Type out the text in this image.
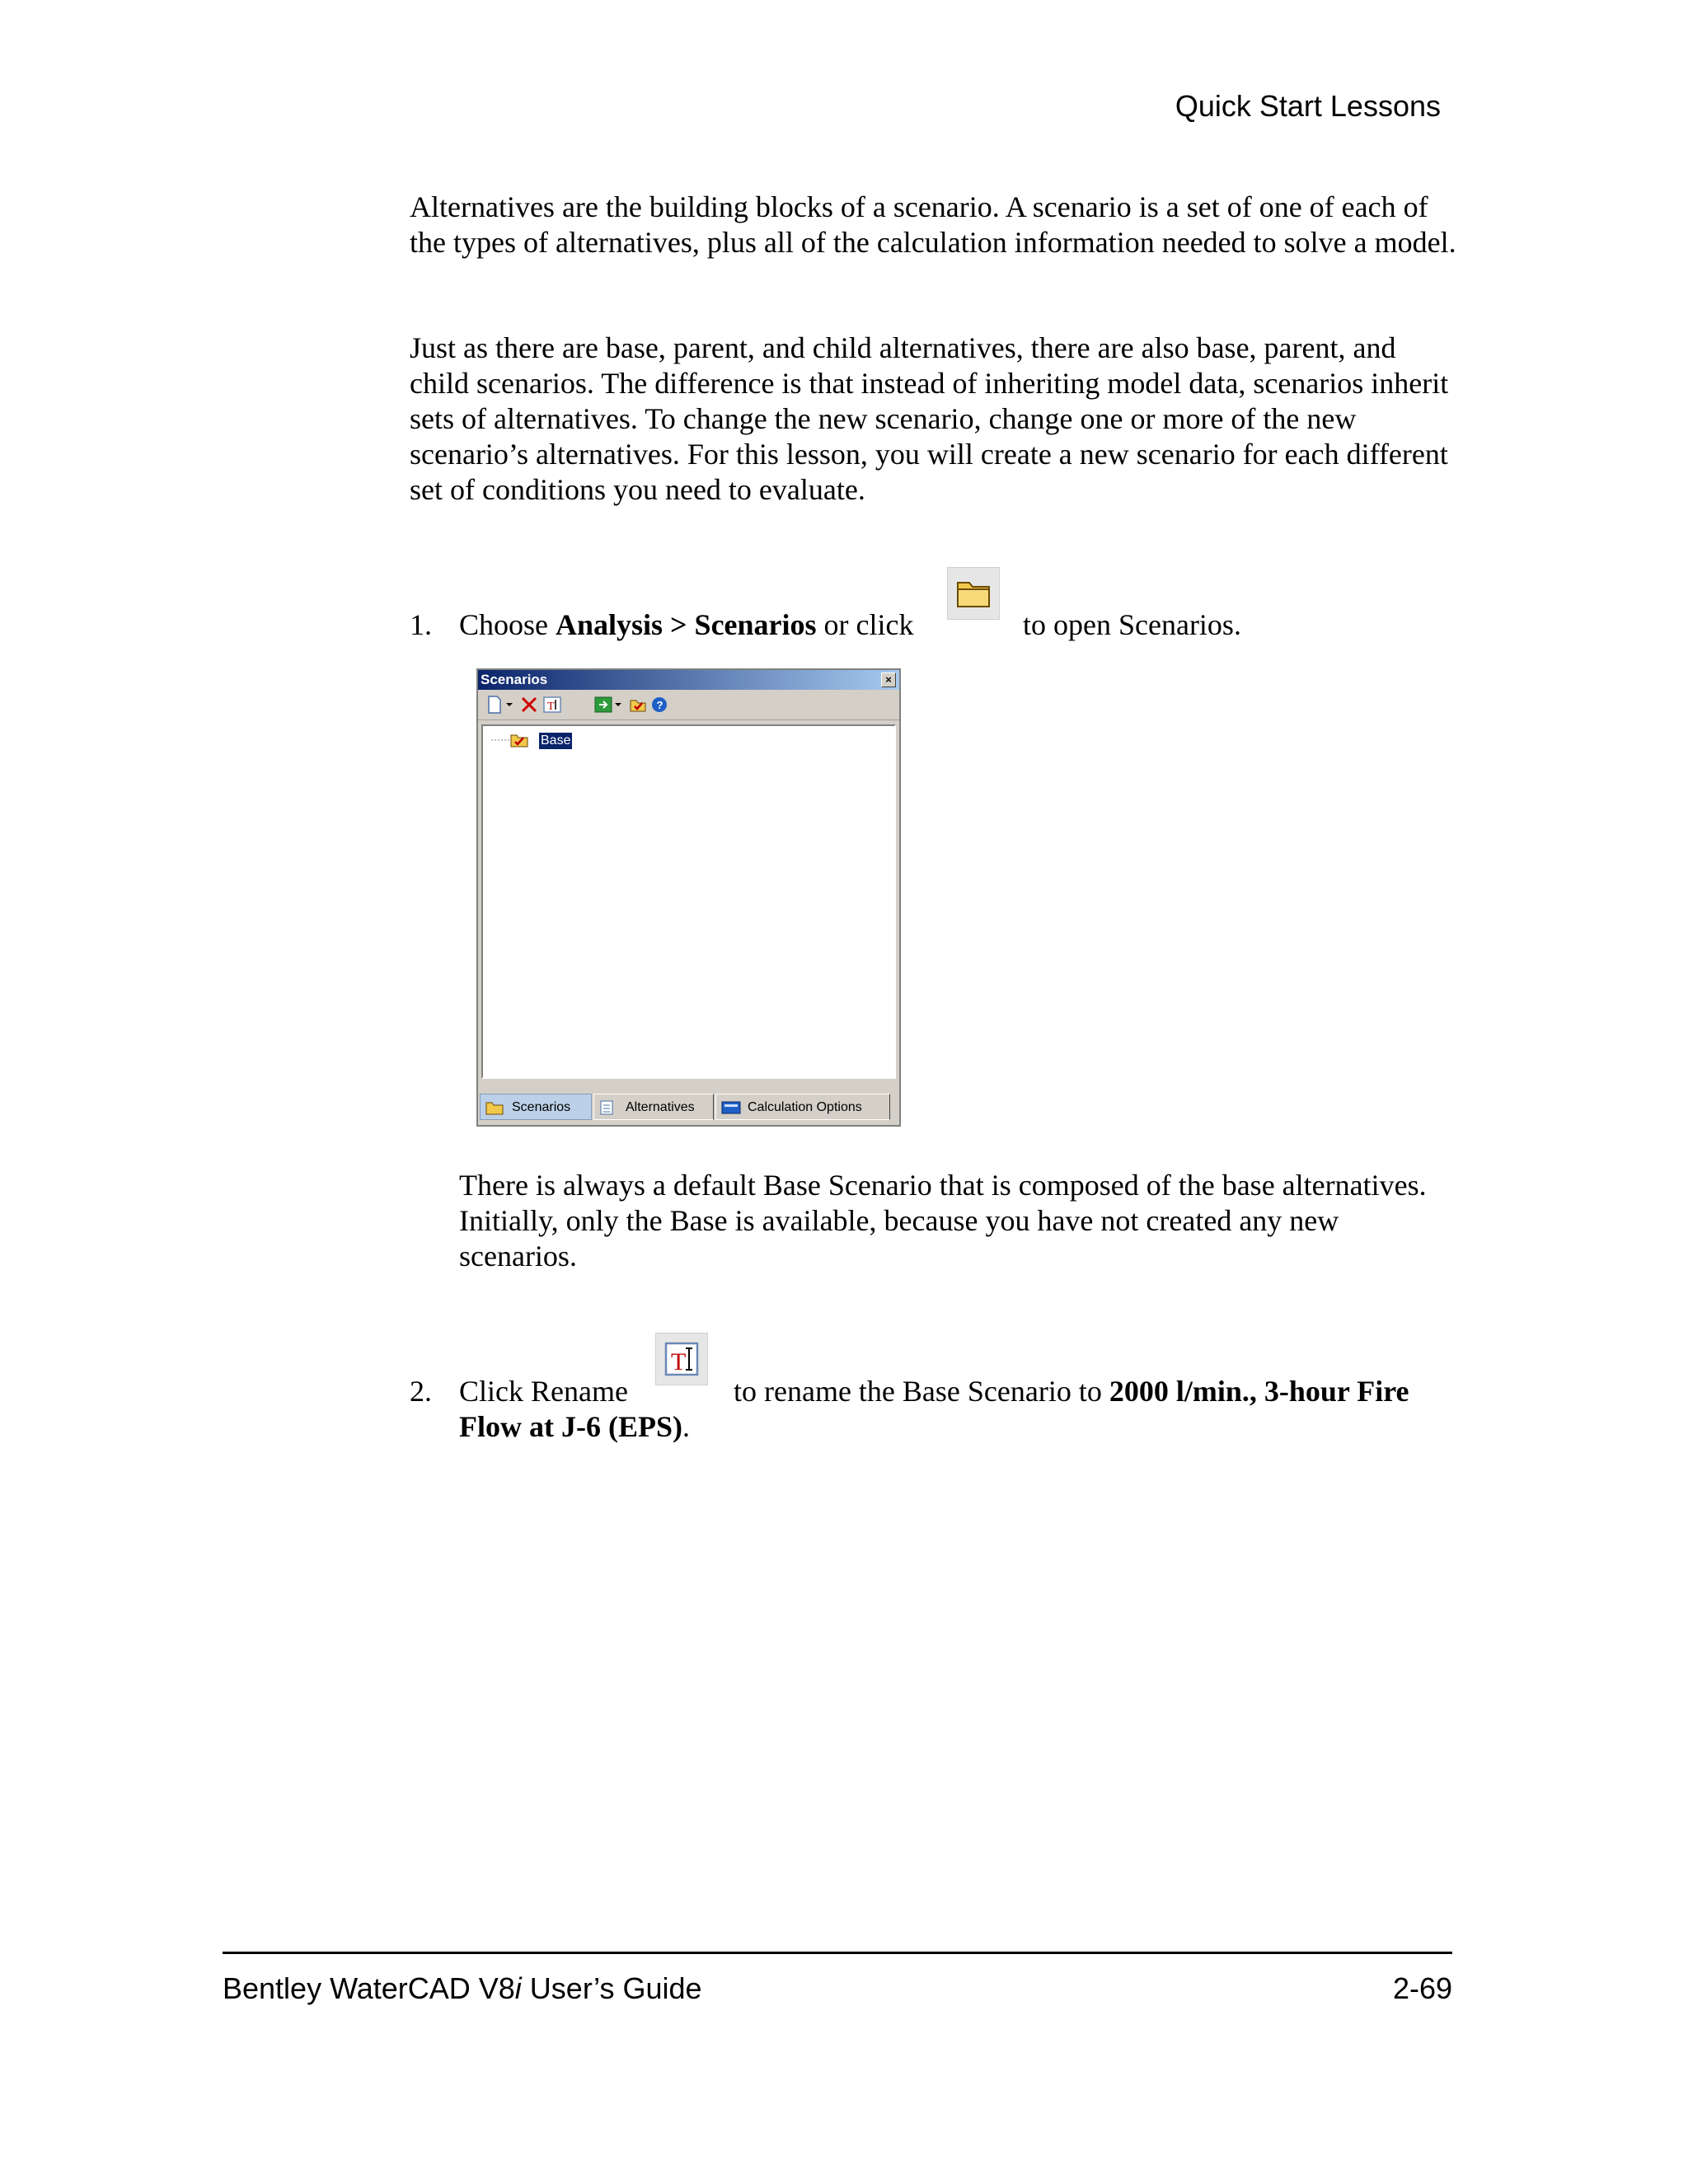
Quick Start Lessons
Alternatives are the building blocks of a scenario. A scenario is a set of one of each of the types of alternatives, plus all of the calculation information needed to solve a model.
Just as there are base, parent, and child alternatives, there are also base, parent, and child scenarios. The difference is that instead of inheriting model data, scenarios inherit sets of alternatives. To change the new scenario, change one or more of the new scenario’s alternatives. For this lesson, you will create a new scenario for each different set of conditions you need to evaluate.
1. Choose Analysis > Scenarios or click	to open Scenarios.
Scenarios	×
T	?
Base
Scenarios	Alternatives	Calculation Options
There is always a default Base Scenario that is composed of the base alternatives. Initially, only the Base is available, because you have not created any new scenarios.
2. Click Rename
T
to rename the Base Scenario to 2000 l/min., 3-hour Fire
Flow at J-6 (EPS).
Bentley WaterCAD V8i User’s Guide	2-69
